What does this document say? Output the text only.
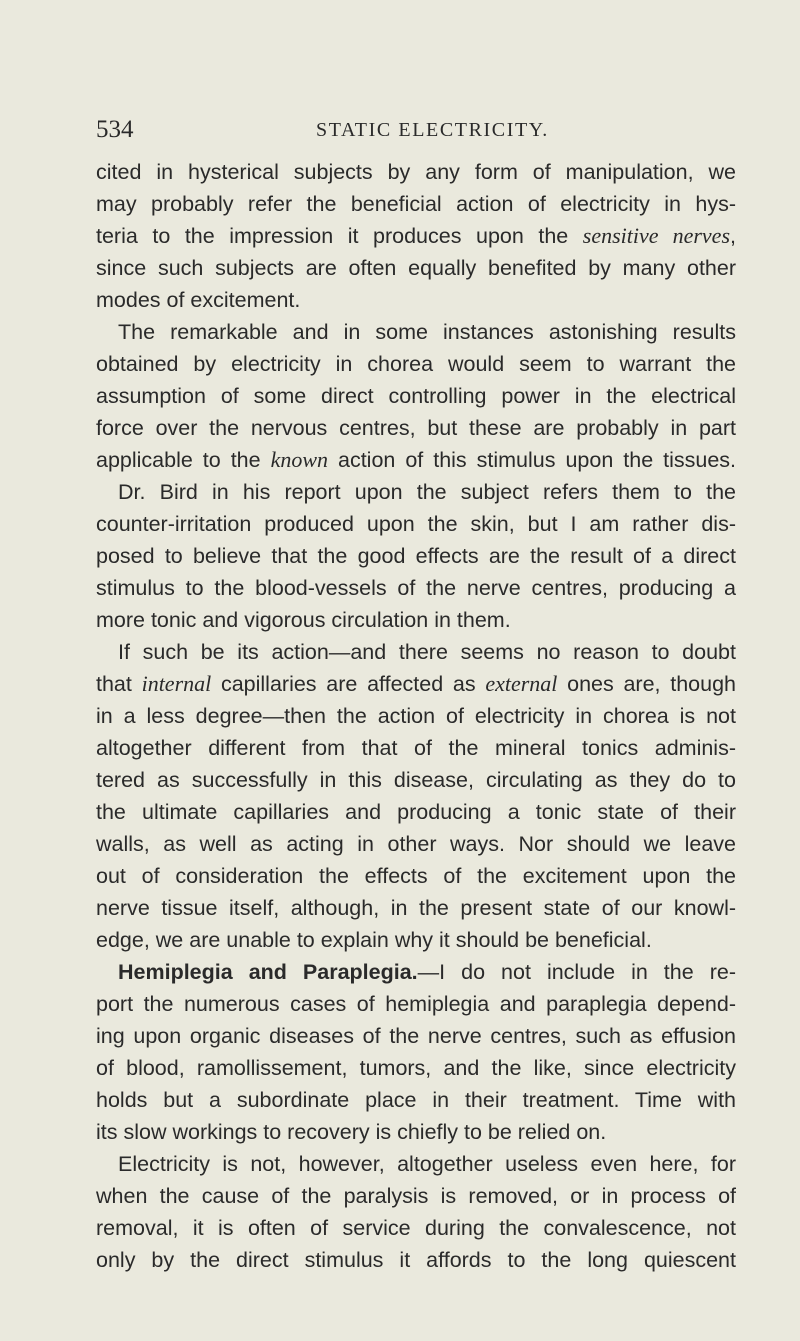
534	STATIC ELECTRICITY.
cited in hysterical subjects by any form of manipulation, we
may probably refer the beneficial action of electricity in hys-
teria to the impression it produces upon the sensitive nerves,
since such subjects are often equally benefited by many other
modes of excitement.
The remarkable and in some instances astonishing results
obtained by electricity in chorea would seem to warrant the
assumption of some direct controlling power in the electrical
force over the nervous centres, but these are probably in part
applicable to the known action of this stimulus upon the tissues.
Dr. Bird in his report upon the subject refers them to the
counter-irritation produced upon the skin, but I am rather dis-
posed to believe that the good effects are the result of a direct
stimulus to the blood-vessels of the nerve centres, producing a
more tonic and vigorous circulation in them.
If such be its action—and there seems no reason to doubt
that internal capillaries are affected as external ones are, though
in a less degree—then the action of electricity in chorea is not
altogether different from that of the mineral tonics adminis-
tered as successfully in this disease, circulating as they do to
the ultimate capillaries and producing a tonic state of their
walls, as well as acting in other ways. Nor should we leave
out of consideration the effects of the excitement upon the
nerve tissue itself, although, in the present state of our knowl-
edge, we are unable to explain why it should be beneficial.
Hemiplegia and Paraplegia.—I do not include in the re-
port the numerous cases of hemiplegia and paraplegia depend-
ing upon organic diseases of the nerve centres, such as effusion
of blood, ramollissement, tumors, and the like, since electricity
holds but a subordinate place in their treatment. Time with
its slow workings to recovery is chiefly to be relied on.
Electricity is not, however, altogether useless even here, for
when the cause of the paralysis is removed, or in process of
removal, it is often of service during the convalescence, not
only by the direct stimulus it affords to the long quiescent
